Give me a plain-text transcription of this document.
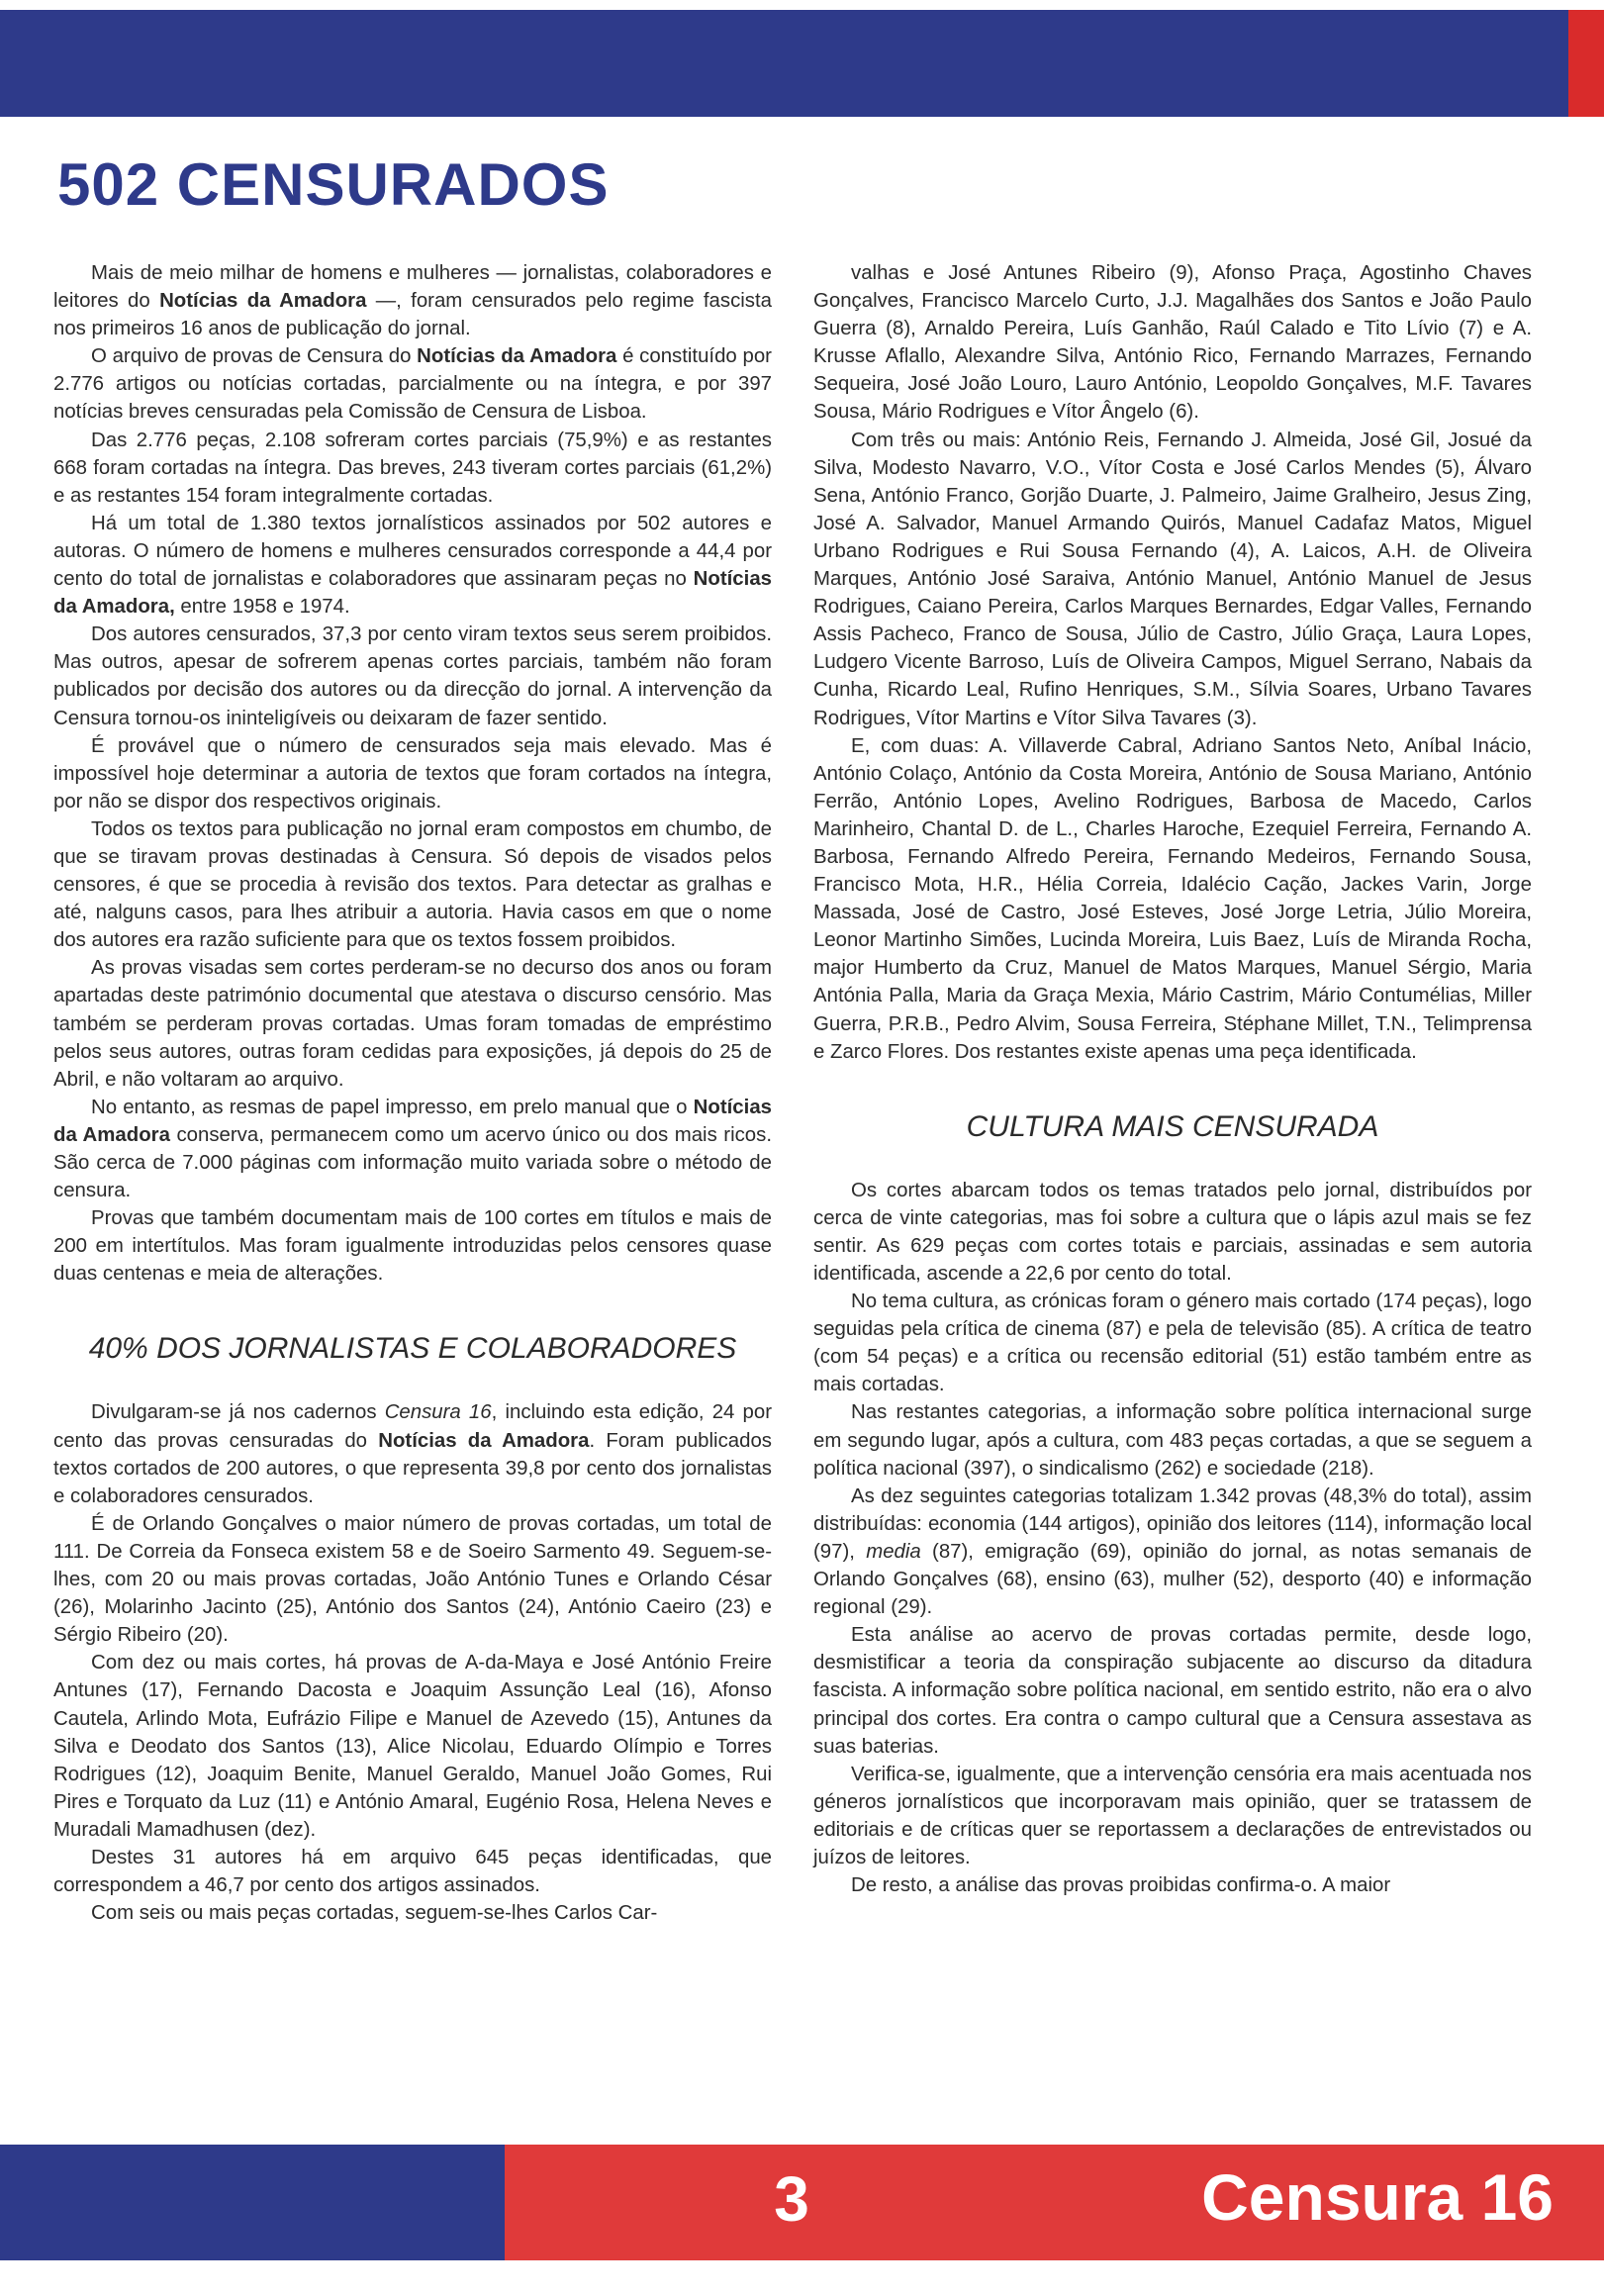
502 CENSURADOS

Mais de meio milhar de homens e mulheres — jornalistas, colaboradores e leitores do Notícias da Amadora —, foram censurados pelo regime fascista nos primeiros 16 anos de publicação do jornal.

O arquivo de provas de Censura do Notícias da Amadora é constituído por 2.776 artigos ou notícias cortadas, parcialmente ou na íntegra, e por 397 notícias breves censuradas pela Comissão de Censura de Lisboa.

Das 2.776 peças, 2.108 sofreram cortes parciais (75,9%) e as restantes 668 foram cortadas na íntegra. Das breves, 243 tiveram cortes parciais (61,2%) e as restantes 154 foram integralmente cortadas.

Há um total de 1.380 textos jornalísticos assinados por 502 autores e autoras. O número de homens e mulheres censurados corresponde a 44,4 por cento do total de jornalistas e colaboradores que assinaram peças no Notícias da Amadora, entre 1958 e 1974.

Dos autores censurados, 37,3 por cento viram textos seus serem proibidos. Mas outros, apesar de sofrerem apenas cortes parciais, também não foram publicados por decisão dos autores ou da direcção do jornal. A intervenção da Censura tornou-os ininteligíveis ou deixaram de fazer sentido.

É provável que o número de censurados seja mais elevado. Mas é impossível hoje determinar a autoria de textos que foram cortados na íntegra, por não se dispor dos respectivos originais.

Todos os textos para publicação no jornal eram compostos em chumbo, de que se tiravam provas destinadas à Censura. Só depois de visados pelos censores, é que se procedia à revisão dos textos. Para detectar as gralhas e até, nalguns casos, para lhes atribuir a autoria. Havia casos em que o nome dos autores era razão suficiente para que os textos fossem proibidos.

As provas visadas sem cortes perderam-se no decurso dos anos ou foram apartadas deste património documental que atestava o discurso censório. Mas também se perderam provas cortadas. Umas foram tomadas de empréstimo pelos seus autores, outras foram cedidas para exposições, já depois do 25 de Abril, e não voltaram ao arquivo.

No entanto, as resmas de papel impresso, em prelo manual que o Notícias da Amadora conserva, permanecem como um acervo único ou dos mais ricos. São cerca de 7.000 páginas com informação muito variada sobre o método de censura.

Provas que também documentam mais de 100 cortes em títulos e mais de 200 em intertítulos. Mas foram igualmente introduzidas pelos censores quase duas centenas e meia de alterações.

40% DOS JORNALISTAS E COLABORADORES

Divulgaram-se já nos cadernos Censura 16, incluindo esta edição, 24 por cento das provas censuradas do Notícias da Amadora. Foram publicados textos cortados de 200 autores, o que representa 39,8 por cento dos jornalistas e colaboradores censurados.

É de Orlando Gonçalves o maior número de provas cortadas, um total de 111. De Correia da Fonseca existem 58 e de Soeiro Sarmento 49. Seguem-se-lhes, com 20 ou mais provas cortadas, João António Tunes e Orlando César (26), Molarinho Jacinto (25), António dos Santos (24), António Caeiro (23) e Sérgio Ribeiro (20).

Com dez ou mais cortes, há provas de A-da-Maya e José António Freire Antunes (17), Fernando Dacosta e Joaquim Assunção Leal (16), Afonso Cautela, Arlindo Mota, Eufrázio Filipe e Manuel de Azevedo (15), Antunes da Silva e Deodato dos Santos (13), Alice Nicolau, Eduardo Olímpio e Torres Rodrigues (12), Joaquim Benite, Manuel Geraldo, Manuel João Gomes, Rui Pires e Torquato da Luz (11) e António Amaral, Eugénio Rosa, Helena Neves e Muradali Mamadhusen (dez).

Destes 31 autores há em arquivo 645 peças identificadas, que correspondem a 46,7 por cento dos artigos assinados.

Com seis ou mais peças cortadas, seguem-se-lhes Carlos Car-

valhas e José Antunes Ribeiro (9), Afonso Praça, Agostinho Chaves Gonçalves, Francisco Marcelo Curto, J.J. Magalhães dos Santos e João Paulo Guerra (8), Arnaldo Pereira, Luís Ganhão, Raúl Calado e Tito Lívio (7) e A. Krusse Aflallo, Alexandre Silva, António Rico, Fernando Marrazes, Fernando Sequeira, José João Louro, Lauro António, Leopoldo Gonçalves, M.F. Tavares Sousa, Mário Rodrigues e Vítor Ângelo (6).

Com três ou mais: António Reis, Fernando J. Almeida, José Gil, Josué da Silva, Modesto Navarro, V.O., Vítor Costa e José Carlos Mendes (5), Álvaro Sena, António Franco, Gorjão Duarte, J. Palmeiro, Jaime Gralheiro, Jesus Zing, José A. Salvador, Manuel Armando Quirós, Manuel Cadafaz Matos, Miguel Urbano Rodrigues e Rui Sousa Fernando (4), A. Laicos, A.H. de Oliveira Marques, António José Saraiva, António Manuel, António Manuel de Jesus Rodrigues, Caiano Pereira, Carlos Marques Bernardes, Edgar Valles, Fernando Assis Pacheco, Franco de Sousa, Júlio de Castro, Júlio Graça, Laura Lopes, Ludgero Vicente Barroso, Luís de Oliveira Campos, Miguel Serrano, Nabais da Cunha, Ricardo Leal, Rufino Henriques, S.M., Sílvia Soares, Urbano Tavares Rodrigues, Vítor Martins e Vítor Silva Tavares (3).

E, com duas: A. Villaverde Cabral, Adriano Santos Neto, Aníbal Inácio, António Colaço, António da Costa Moreira, António de Sousa Mariano, António Ferrão, António Lopes, Avelino Rodrigues, Barbosa de Macedo, Carlos Marinheiro, Chantal D. de L., Charles Haroche, Ezequiel Ferreira, Fernando A. Barbosa, Fernando Alfredo Pereira, Fernando Medeiros, Fernando Sousa, Francisco Mota, H.R., Hélia Correia, Idalécio Cação, Jackes Varin, Jorge Massada, José de Castro, José Esteves, José Jorge Letria, Júlio Moreira, Leonor Martinho Simões, Lucinda Moreira, Luis Baez, Luís de Miranda Rocha, major Humberto da Cruz, Manuel de Matos Marques, Manuel Sérgio, Maria Antónia Palla, Maria da Graça Mexia, Mário Castrim, Mário Contumélias, Miller Guerra, P.R.B., Pedro Alvim, Sousa Ferreira, Stéphane Millet, T.N., Telimprensa e Zarco Flores. Dos restantes existe apenas uma peça identificada.

CULTURA MAIS CENSURADA

Os cortes abarcam todos os temas tratados pelo jornal, distribuídos por cerca de vinte categorias, mas foi sobre a cultura que o lápis azul mais se fez sentir. As 629 peças com cortes totais e parciais, assinadas e sem autoria identificada, ascende a 22,6 por cento do total.

No tema cultura, as crónicas foram o género mais cortado (174 peças), logo seguidas pela crítica de cinema (87) e pela de televisão (85). A crítica de teatro (com 54 peças) e a crítica ou recensão editorial (51) estão também entre as mais cortadas.

Nas restantes categorias, a informação sobre política internacional surge em segundo lugar, após a cultura, com 483 peças cortadas, a que se seguem a política nacional (397), o sindicalismo (262) e sociedade (218).

As dez seguintes categorias totalizam 1.342 provas (48,3% do total), assim distribuídas: economia (144 artigos), opinião dos leitores (114), informação local (97), media (87), emigração (69), opinião do jornal, as notas semanais de Orlando Gonçalves (68), ensino (63), mulher (52), desporto (40) e informação regional (29).

Esta análise ao acervo de provas cortadas permite, desde logo, desmistificar a teoria da conspiração subjacente ao discurso da ditadura fascista. A informação sobre política nacional, em sentido estrito, não era o alvo principal dos cortes. Era contra o campo cultural que a Censura assestava as suas baterias.

Verifica-se, igualmente, que a intervenção censória era mais acentuada nos géneros jornalísticos que incorporavam mais opinião, quer se tratassem de editoriais e de críticas quer se reportassem a declarações de entrevistados ou juízos de leitores.

De resto, a análise das provas proibidas confirma-o. A maior

3	Censura 16
